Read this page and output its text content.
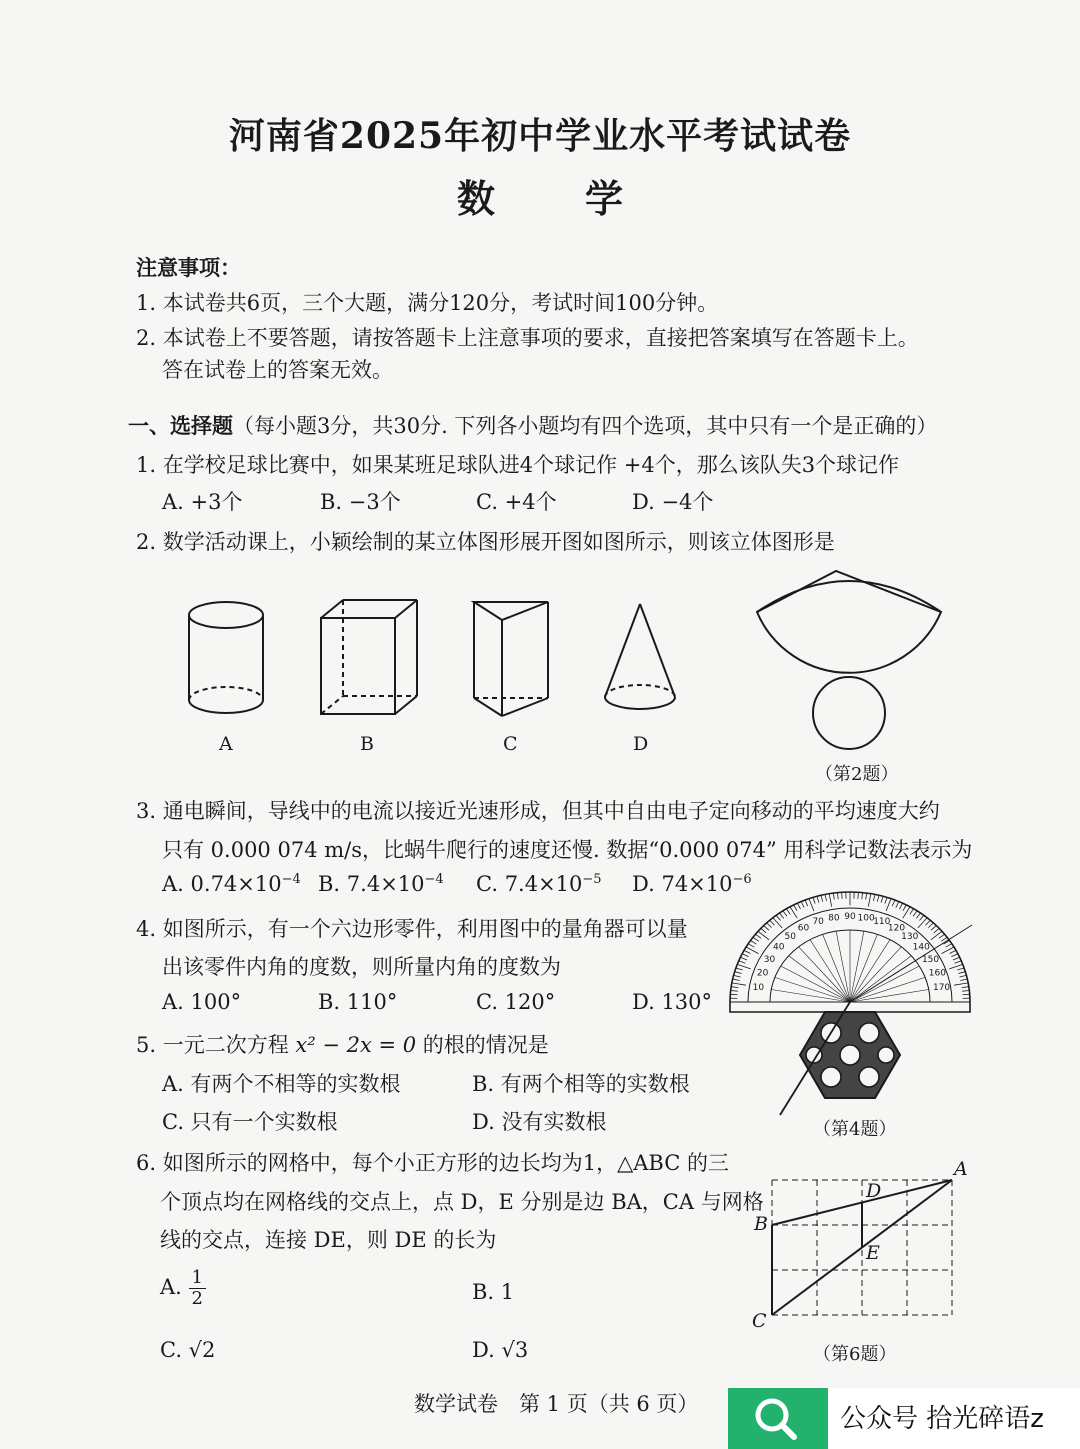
河南省2025年初中学业水平考试试卷
数学
注意事项：
1. 本试卷共6页，三个大题，满分120分，考试时间100分钟。
2. 本试卷上不要答题，请按答题卡上注意事项的要求，直接把答案填写在答题卡上。
答在试卷上的答案无效。
一、选择题（每小题3分，共30分. 下列各小题均有四个选项，其中只有一个是正确的）
1. 在学校足球比赛中，如果某班足球队进4个球记作 +4个，那么该队失3个球记作
A. +3个	B. −3个	C. +4个	D. −4个
2. 数学活动课上，小颖绘制的某立体图形展开图如图所示，则该立体图形是
A	B	C	D
（第2题）
3. 通电瞬间，导线中的电流以接近光速形成，但其中自由电子定向移动的平均速度大约
只有 0.000 074 m/s，比蜗牛爬行的速度还慢. 数据“0.000 074” 用科学记数法表示为
A. $0.74\times 10^{-4}$ B. $7.4\times 10^{-4}$ C. $7.4\times 10^{-5}$ D. $74\times 10^{-6}$
4. 如图所示，有一个六边形零件，利用图中的量角器可以量
出该零件内角的度数，则所量内角的度数为
A. 100°	B. 110°	C. 120°	D. 130°
10
20
30
40
50
60
70 80 90 100
110
120
130
140
150
160
170
（第4题）
5. 一元二次方程 x² − 2x = 0 的根的情况是
A. 有两个不相等的实数根	B. 有两个相等的实数根
C. 只有一个实数根	D. 没有实数根
6. 如图所示的网格中，每个小正方形的边长均为1，△ABC 的三
个顶点均在网格线的交点上，点 D，E 分别是边 BA，CA 与网格
线的交点，连接 DE，则 DE 的长为
A. $\frac{1}{2}$	B. 1
C. √2	D. √3
A
B
C
D
E
（第6题）
数学试卷　第 1 页（共 6 页）	公众号 拾光碎语z
